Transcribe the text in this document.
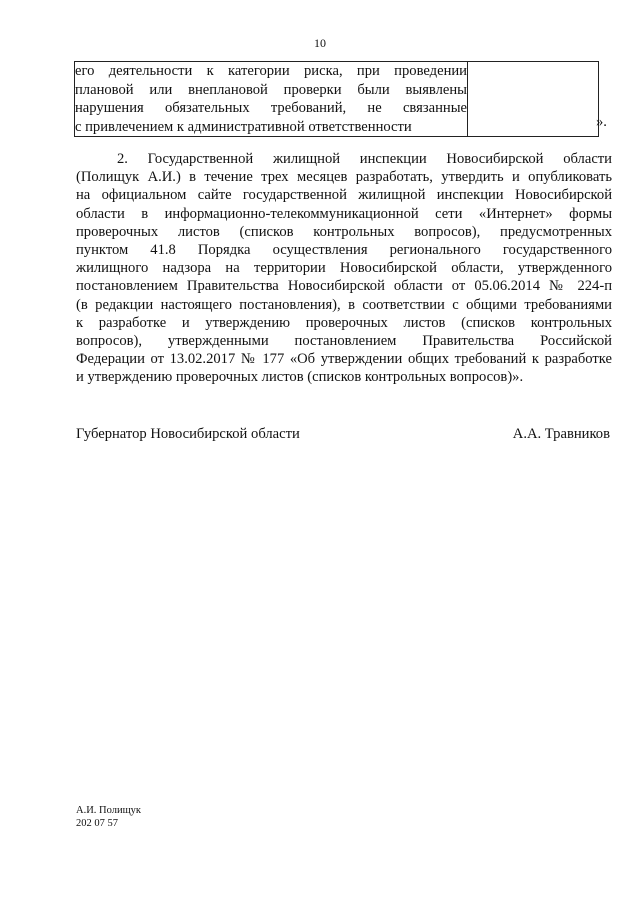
10
его деятельности к категории риска, при проведении
плановой или внеплановой проверки были выявлены
нарушения обязательных требований, не связанные
с привлечением к административной ответственности
		».
2. Государственной жилищной инспекции Новосибирской области
(Полищук А.И.) в течение трех месяцев разработать, утвердить и опубликовать
на официальном сайте государственной жилищной инспекции Новосибирской
области в информационно-телекоммуникационной сети «Интернет» формы
проверочных листов (списков контрольных вопросов), предусмотренных
пунктом 41.8 Порядка осуществления регионального государственного
жилищного надзора на территории Новосибирской области, утвержденного
постановлением Правительства Новосибирской области от 05.06.2014 № 224-п
(в редакции настоящего постановления), в соответствии с общими требованиями
к разработке и утверждению проверочных листов (списков контрольных
вопросов), утвержденными постановлением Правительства Российской
Федерации от 13.02.2017 № 177 «Об утверждении общих требований к разработке
и утверждению проверочных листов (списков контрольных вопросов)».
Губернатор Новосибирской области	А.А. Травников
А.И. Полищук
202 07 57
